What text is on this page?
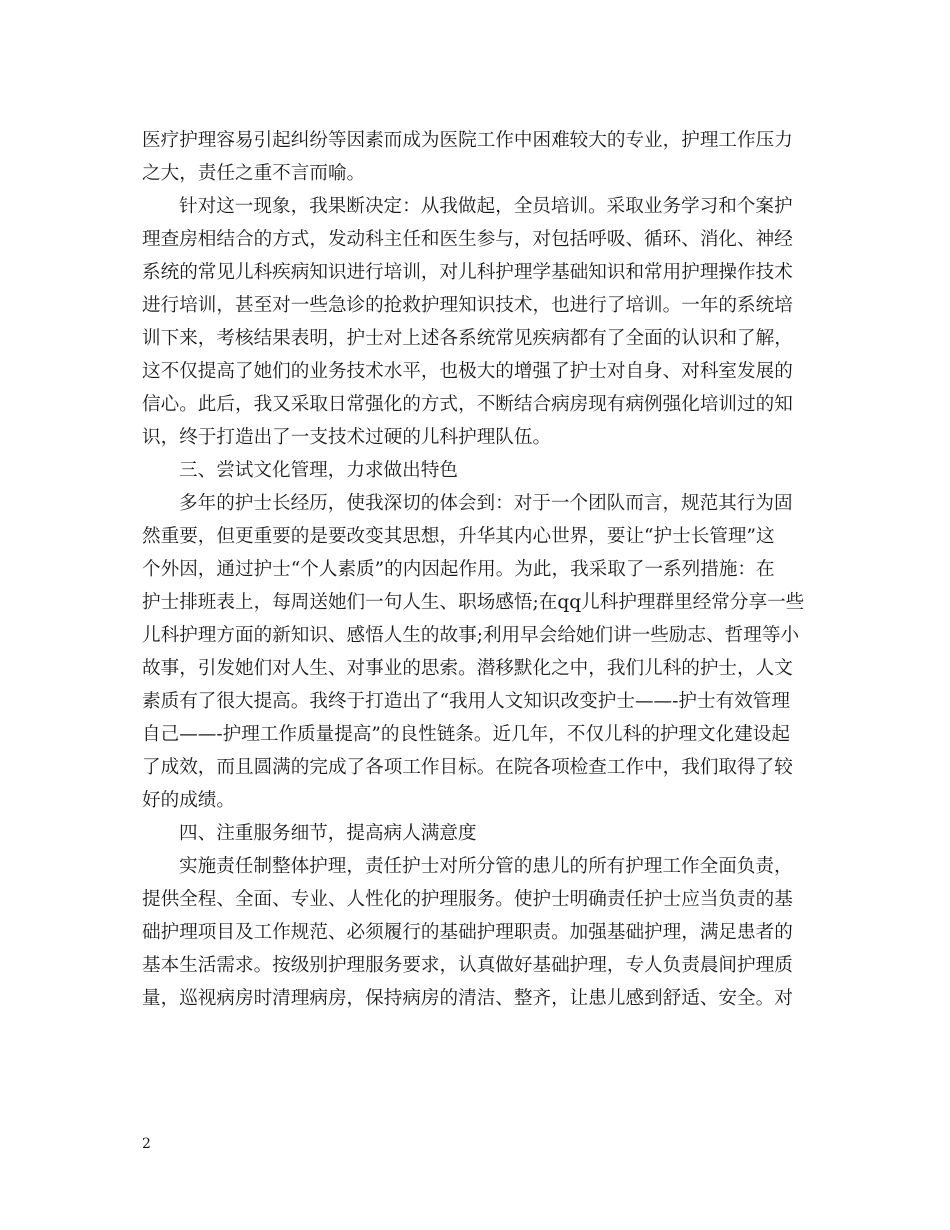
医疗护理容易引起纠纷等因素而成为医院工作中困难较大的专业，护理工作压力
之大，责任之重不言而喻。

针对这一现象，我果断决定：从我做起，全员培训。采取业务学习和个案护
理查房相结合的方式，发动科主任和医生参与，对包括呼吸、循环、消化、神经
系统的常见儿科疾病知识进行培训，对儿科护理学基础知识和常用护理操作技术
进行培训，甚至对一些急诊的抢救护理知识技术，也进行了培训。一年的系统培
训下来，考核结果表明，护士对上述各系统常见疾病都有了全面的认识和了解，
这不仅提高了她们的业务技术水平，也极大的增强了护士对自身、对科室发展的
信心。此后，我又采取日常强化的方式，不断结合病房现有病例强化培训过的知
识，终于打造出了一支技术过硬的儿科护理队伍。

三、尝试文化管理，力求做出特色

多年的护士长经历，使我深切的体会到：对于一个团队而言，规范其行为固
然重要，但更重要的是要改变其思想，升华其内心世界，要让“护士长管理”这
个外因，通过护士“个人素质”的内因起作用。为此，我采取了一系列措施：在
护士排班表上，每周送她们一句人生、职场感悟;在qq儿科护理群里经常分享一些
儿科护理方面的新知识、感悟人生的故事;利用早会给她们讲一些励志、哲理等小
故事，引发她们对人生、对事业的思索。潜移默化之中，我们儿科的护士，人文
素质有了很大提高。我终于打造出了“我用人文知识改变护士——-护士有效管理
自己——-护理工作质量提高”的良性链条。近几年，不仅儿科的护理文化建设起
了成效，而且圆满的完成了各项工作目标。在院各项检查工作中，我们取得了较
好的成绩。

四、注重服务细节，提高病人满意度

实施责任制整体护理，责任护士对所分管的患儿的所有护理工作全面负责，
提供全程、全面、专业、人性化的护理服务。使护士明确责任护士应当负责的基
础护理项目及工作规范、必须履行的基础护理职责。加强基础护理，满足患者的
基本生活需求。按级别护理服务要求，认真做好基础护理，专人负责晨间护理质
量，巡视病房时清理病房，保持病房的清洁、整齐，让患儿感到舒适、安全。对

2
